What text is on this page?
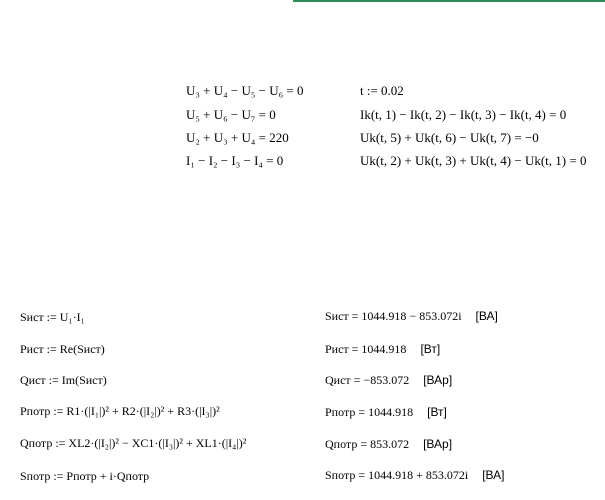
U₃ + U₄ − U₅ − U₆ = 0
U₅ + U₆ − U₇ = 0
U₂ + U₃ + U₄ = 220
I₁ − I₂ − I₃ − I₄ = 0
t := 0.02
Ik(t, 1) − Ik(t, 2) − Ik(t, 3) − Ik(t, 4) = 0
Uk(t, 5) + Uk(t, 6) − Uk(t, 7) = −0
Uk(t, 2) + Uk(t, 3) + Uk(t, 4) − Uk(t, 1) = 0
Sист := U₁·I₁
Pист := Re(Sист)
Qист := Im(Sист)
Pпотр := R1·(|I₁|)² + R2·(|I₂|)² + R3·(|I₃|)²
Qпотр := XL2·(|I₂|)² − XC1·(|I₃|)² + XL1·(|I₄|)²
Sпотр := Pпотр + i·Qпотр
Sист = 1044.918 − 853.072i [ВА]
Pист = 1044.918 [Вт]
Qист = −853.072 [ВАр]
Pпотр = 1044.918 [Вт]
Qпотр = 853.072 [ВАр]
Sпотр = 1044.918 + 853.072i [ВА]
